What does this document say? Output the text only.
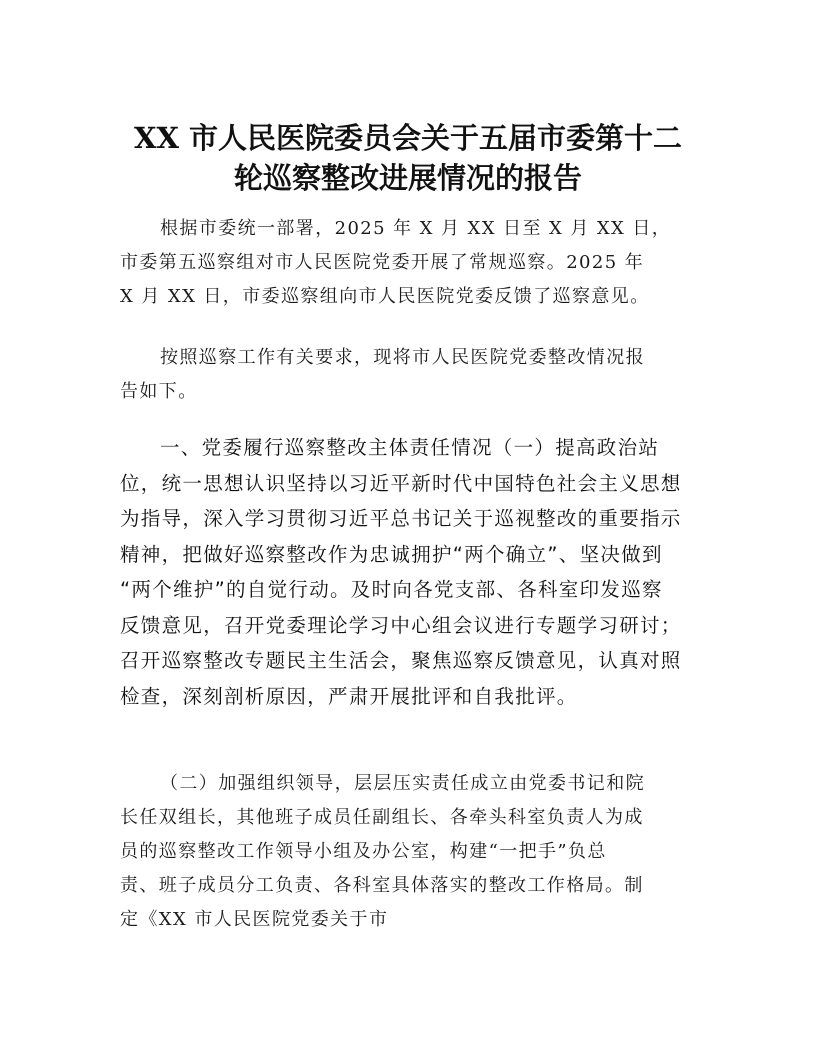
XX 市人民医院委员会关于五届市委第十二
轮巡察整改进展情况的报告

根据市委统一部署，2025 年 X 月 XX 日至 X 月 XX 日，
市委第五巡察组对市人民医院党委开展了常规巡察。2025 年
X 月 XX 日，市委巡察组向市人民医院党委反馈了巡察意见。

按照巡察工作有关要求，现将市人民医院党委整改情况报
告如下。

一、党委履行巡察整改主体责任情况（一）提高政治站
位，统一思想认识坚持以习近平新时代中国特色社会主义思想
为指导，深入学习贯彻习近平总书记关于巡视整改的重要指示
精神，把做好巡察整改作为忠诚拥护“两个确立”、坚决做到
“两个维护”的自觉行动。及时向各党支部、各科室印发巡察
反馈意见，召开党委理论学习中心组会议进行专题学习研讨；
召开巡察整改专题民主生活会，聚焦巡察反馈意见，认真对照
检查，深刻剖析原因，严肃开展批评和自我批评。

（二）加强组织领导，层层压实责任成立由党委书记和院
长任双组长，其他班子成员任副组长、各牵头科室负责人为成
员的巡察整改工作领导小组及办公室，构建“一把手”负总
责、班子成员分工负责、各科室具体落实的整改工作格局。制
定《XX 市人民医院党委关于市
